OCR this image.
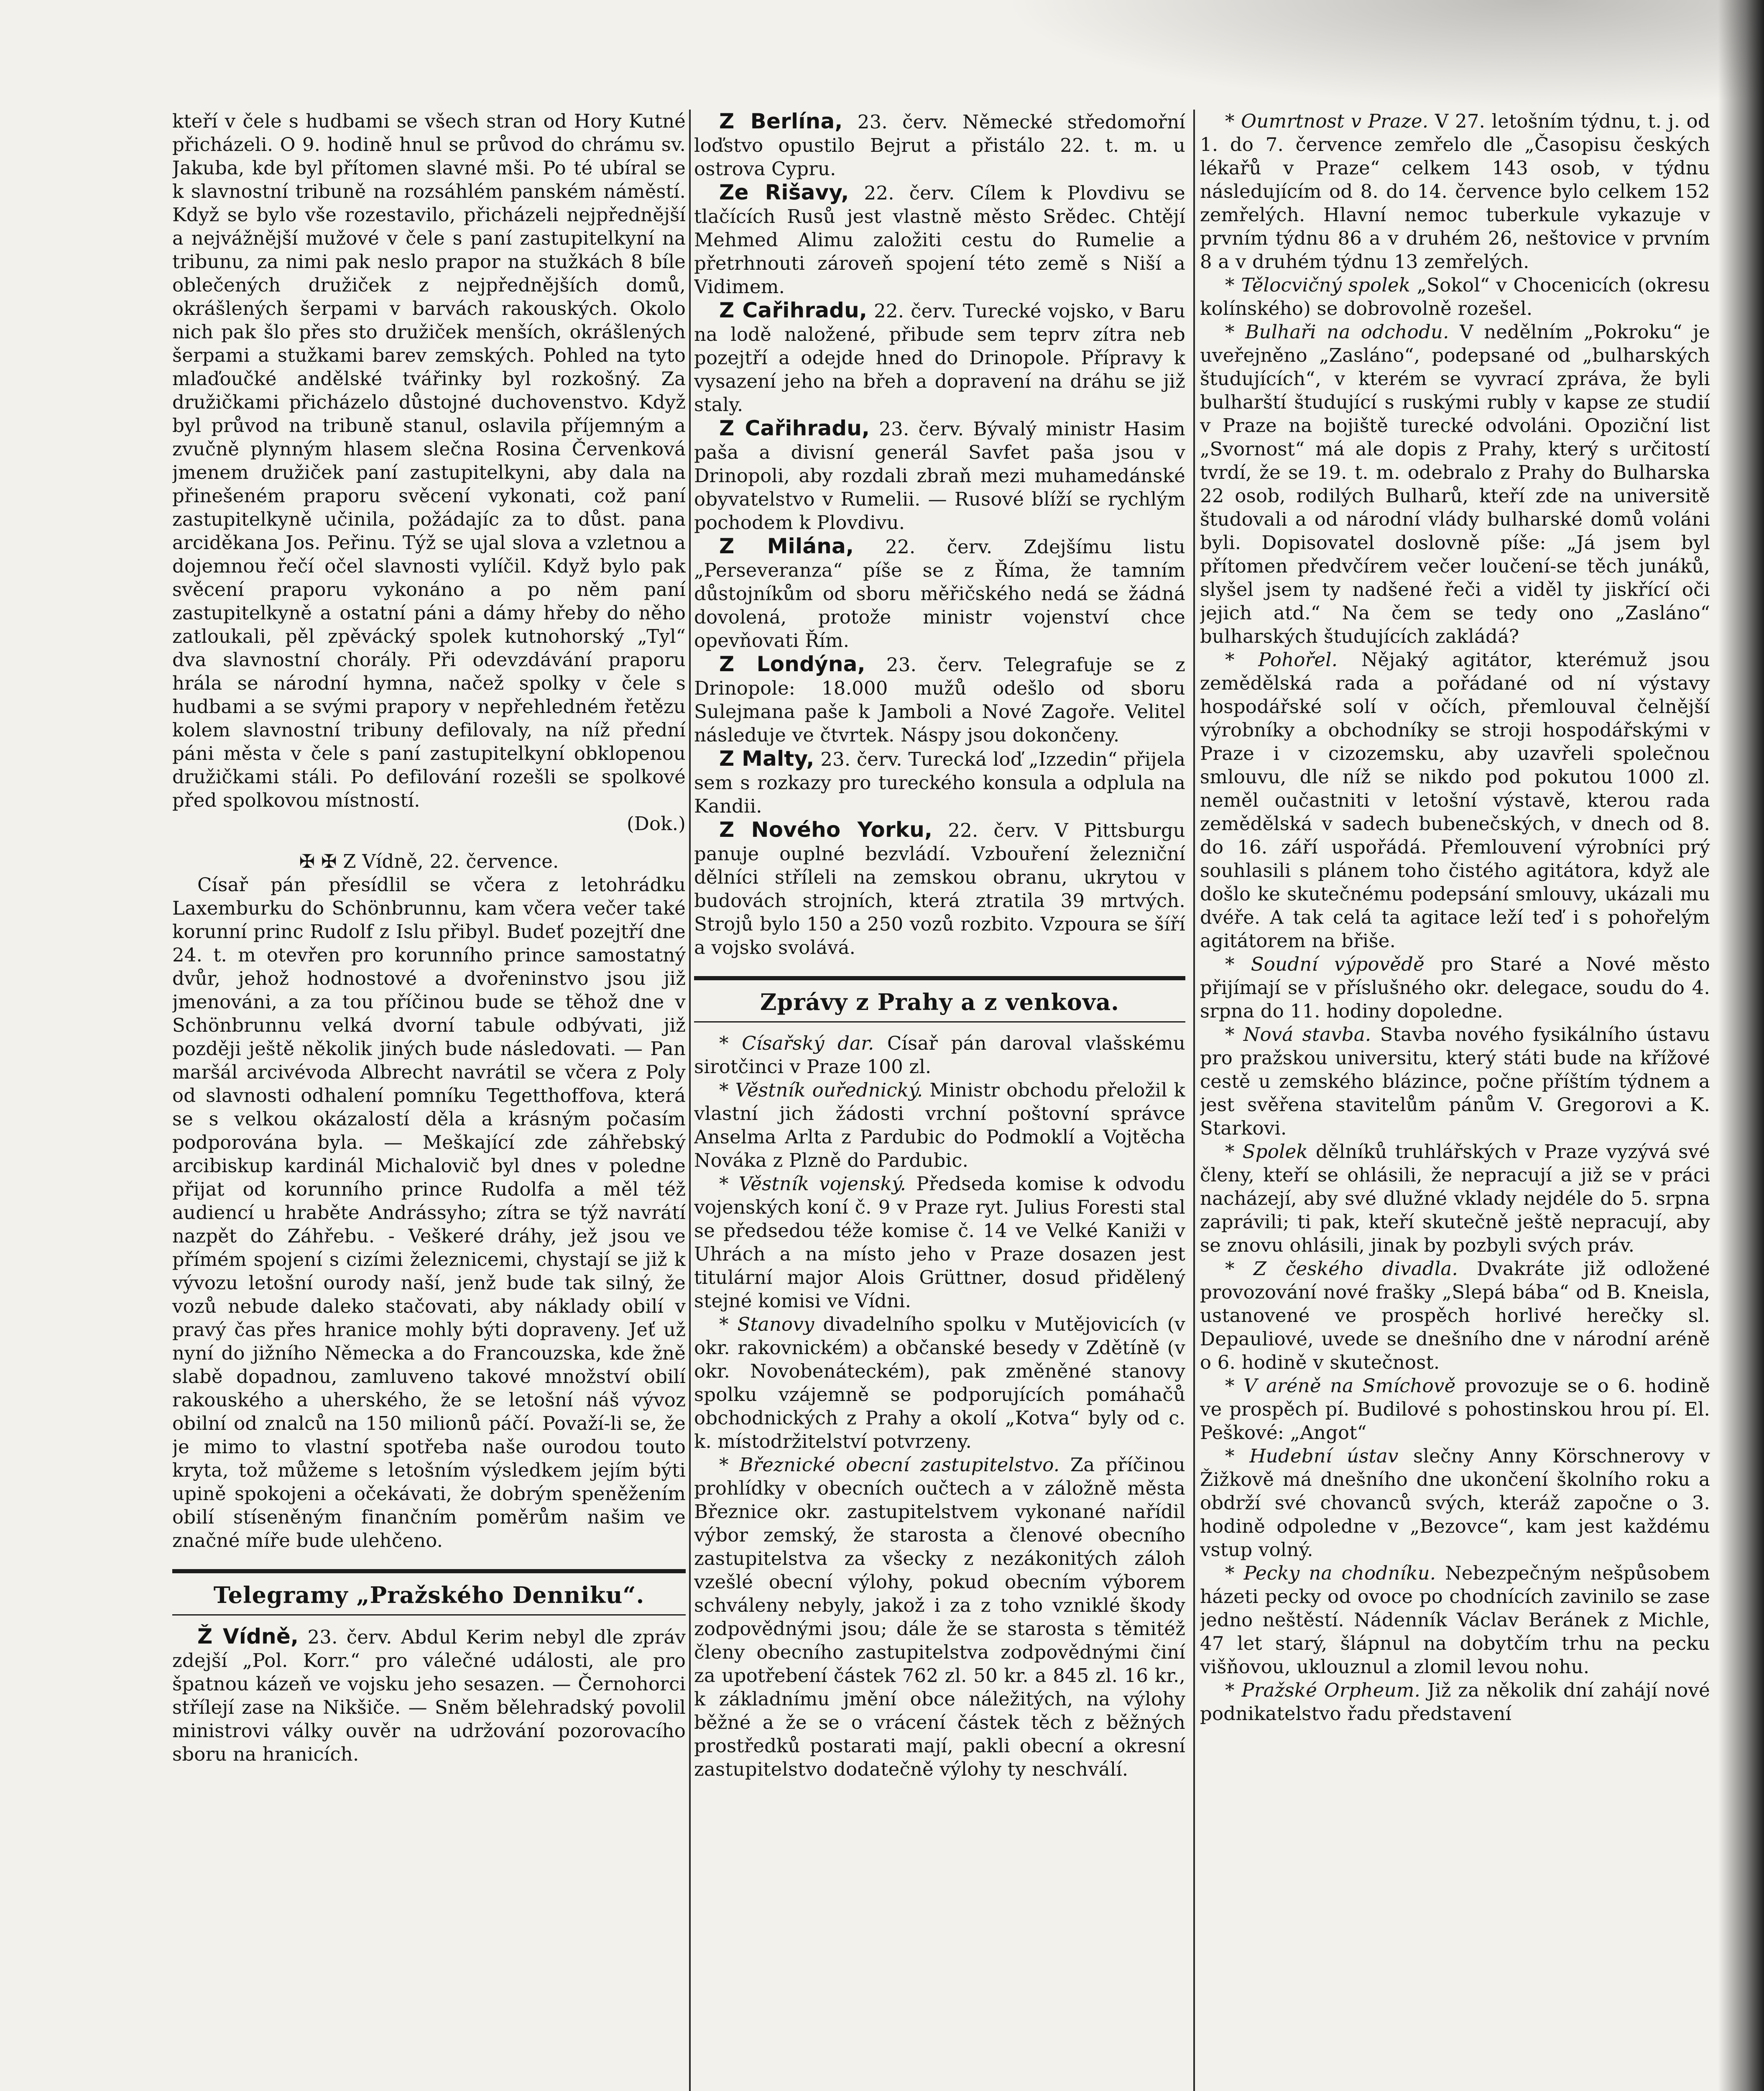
kteří v čele s hudbami se všech stran od Hory Kutné přicházeli. O 9. hodině hnul se průvod do chrámu sv. Jakuba, kde byl přítomen slavné mši. Po té ubíral se k slavnostní tribuně na rozsáhlém panském náměstí. Když se bylo vše rozestavilo, přicházeli nejpřednější a nejvážnější mužové v čele s paní zastupitelkyní na tribunu, za nimi pak neslo prapor na stužkách 8 bíle oblečených družiček z nejpřednějších domů, okrášlených šerpami v barvách rakouských. Okolo nich pak šlo přes sto družiček menších, okrášlených šerpami a stužkami barev zemských. Pohled na tyto mlaďoučké andělské tvářinky byl rozkošný. Za družičkami přicházelo důstojné duchovenstvo. Když byl průvod na tribuně stanul, oslavila příjemným a zvučně plynným hlasem slečna Rosina Červenková jmenem družiček paní zastupitelkyni, aby dala na přinešeném praporu svěcení vykonati, což paní zastupitelkyně učinila, požádajíc za to důst. pana arciděkana Jos. Peřinu. Týž se ujal slova a vzletnou a dojemnou řečí očel slavnosti vylíčil. Když bylo pak svěcení praporu vykonáno a po něm paní zastupitelkyně a ostatní páni a dámy hřeby do něho zatloukali, pěl zpěvácký spolek kutnohorský „Tyl“ dva slavnostní chorály. Při odevzdávání praporu hrála se národní hymna, načež spolky v čele s hudbami a se svými prapory v nepřehledném řetězu kolem slavnostní tribuny defilovaly, na níž přední páni města v čele s paní zastupitelkyní obklopenou družičkami stáli. Po defilování rozešli se spolkové před spolkovou místností.

(Dok.)

✠ ✠ Z Vídně, 22. července.

Císař pán přesídlil se včera z letohrádku Laxemburku do Schönbrunnu, kam včera večer také korunní princ Rudolf z Islu přibyl. Budeť pozejtří dne 24. t. m otevřen pro korunního prince samostatný dvůr, jehož hodnostové a dvořeninstvo jsou již jmenováni, a za tou příčinou bude se těhož dne v Schönbrunnu velká dvorní tabule odbývati, již později ještě několik jiných bude následovati. — Pan maršál arcivévoda Albrecht navrátil se včera z Poly od slavnosti odhalení pomníku Tegetthoffova, která se s velkou okázalostí děla a krásným počasím podporována byla. — Meškající zde záhřebský arcibiskup kardinál Michalovič byl dnes v poledne přijat od korunního prince Rudolfa a měl též audiencí u hraběte Andrássyho; zítra se týž navrátí nazpět do Záhřebu. - Veškeré dráhy, jež jsou ve přímém spojení s cizími železnicemi, chystají se již k vývozu letošní ourody naší, jenž bude tak silný, že vozů nebude daleko stačovati, aby náklady obilí v pravý čas přes hranice mohly býti dopraveny. Jeť už nyní do jižního Německa a do Francouzska, kde žně slabě dopadnou, zamluveno takové množství obilí rakouského a uherského, že se letošní náš vývoz obilní od znalců na 150 milionů páčí. Považí-li se, že je mimo to vlastní spotřeba naše ourodou touto kryta, tož můžeme s letošním výsledkem jejím býti upině spokojeni a očekávati, že dobrým speněžením obilí stíseněným finančním poměrům našim ve značné míře bude ulehčeno.

Telegramy „Pražského Denniku“.

Ž Vídně, 23. červ. Abdul Kerim nebyl dle zpráv zdejší „Pol. Korr.“ pro válečné události, ale pro špatnou kázeň ve vojsku jeho sesazen. — Černohorci střílejí zase na Nikšiče. — Sněm bělehradský povolil ministrovi války ouvěr na udržování pozorovacího sboru na hranicích.

Z Berlína, 23. červ. Německé středomořní loďstvo opustilo Bejrut a přistálo 22. t. m. u ostrova Cypru.

Ze Rišavy, 22. červ. Cílem k Plovdivu se tlačících Rusů jest vlastně město Srědec. Chtějí Mehmed Alimu založiti cestu do Rumelie a přetrhnouti zároveň spojení této země s Niší a Vidimem.

Z Cařihradu, 22. červ. Turecké vojsko, v Baru na lodě naložené, přibude sem teprv zítra neb pozejtří a odejde hned do Drinopole. Přípravy k vysazení jeho na břeh a dopravení na dráhu se již staly.

Z Cařihradu, 23. červ. Bývalý ministr Hasim paša a divisní generál Savfet paša jsou v Drinopoli, aby rozdali zbraň mezi muhamedánské obyvatelstvo v Rumelii. — Rusové blíží se rychlým pochodem k Plovdivu.

Z Milána, 22. červ. Zdejšímu listu „Perseveranza“ píše se z Říma, že tamním důstojníkům od sboru měřičského nedá se žádná dovolená, protože ministr vojenství chce opevňovati Řím.

Z Londýna, 23. červ. Telegrafuje se z Drinopole: 18.000 mužů odešlo od sboru Sulejmana paše k Jamboli a Nové Zagoře. Velitel následuje ve čtvrtek. Náspy jsou dokončeny.

Z Malty, 23. červ. Turecká loď „Izzedin“ přijela sem s rozkazy pro tureckého konsula a odplula na Kandii.

Z Nového Yorku, 22. červ. V Pittsburgu panuje ouplné bezvládí. Vzbouření železniční dělníci stříleli na zemskou obranu, ukrytou v budovách strojních, která ztratila 39 mrtvých. Strojů bylo 150 a 250 vozů rozbito. Vzpoura se šíří a vojsko svolává.

Zprávy z Prahy a z venkova.

* Císařský dar. Císař pán daroval vlašskému sirotčinci v Praze 100 zl.

* Věstník ouřednický. Ministr obchodu přeložil k vlastní jich žádosti vrchní poštovní správce Anselma Arlta z Pardubic do Podmoklí a Vojtěcha Nováka z Plzně do Pardubic.

* Věstník vojenský. Předseda komise k odvodu vojenských koní č. 9 v Praze ryt. Julius Foresti stal se předsedou téže komise č. 14 ve Velké Kaniži v Uhrách a na místo jeho v Praze dosazen jest titulární major Alois Grüttner, dosud přidělený stejné komisi ve Vídni.

* Stanovy divadelního spolku v Mutějovicích (v okr. rakovnickém) a občanské besedy v Zdětíně (v okr. Novobenáteckém), pak změněné stanovy spolku vzájemně se podporujících pomáhačů obchodnických z Prahy a okolí „Kotva“ byly od c. k. místodržitelství potvrzeny.

* Březnické obecní zastupitelstvo. Za příčinou prohlídky v obecních oučtech a v záložně města Březnice okr. zastupitelstvem vykonané nařídil výbor zemský, že starosta a členové obecního zastupitelstva za všecky z nezákonitých záloh vzešlé obecní výlohy, pokud obecním výborem schváleny nebyly, jakož i za z toho vzniklé škody zodpovědnými jsou; dále že se starosta s těmitéž členy obecního zastupitelstva zodpovědnými činí za upotřebení částek 762 zl. 50 kr. a 845 zl. 16 kr., k základnímu jmění obce náležitých, na výlohy běžné a že se o vrácení částek těch z běžných prostředků postarati mají, pakli obecní a okresní zastupitelstvo dodatečně výlohy ty neschválí.

* Oumrtnost v Praze. V 27. letošním týdnu, t. j. od 1. do 7. července zemřelo dle „Časopisu českých lékařů v Praze“ celkem 143 osob, v týdnu následujícím od 8. do 14. července bylo celkem 152 zemřelých. Hlavní nemoc tuberkule vykazuje v prvním týdnu 86 a v druhém 26, neštovice v prvním 8 a v druhém týdnu 13 zemřelých.

* Tělocvičný spolek „Sokol“ v Chocenicích (okresu kolínského) se dobrovolně rozešel.

* Bulhaři na odchodu. V nedělním „Pokroku“ je uveřejněno „Zasláno“, podepsané od „bulharských študujících“, v kterém se vyvrací zpráva, že byli bulharští študující s ruskými rubly v kapse ze studií v Praze na bojiště turecké odvoláni. Opoziční list „Svornost“ má ale dopis z Prahy, který s určitostí tvrdí, že se 19. t. m. odebralo z Prahy do Bulharska 22 osob, rodilých Bulharů, kteří zde na universitě študovali a od národní vlády bulharské domů voláni byli. Dopisovatel doslovně píše: „Já jsem byl přítomen předvčírem večer loučení-se těch junáků, slyšel jsem ty nadšené řeči a viděl ty jiskřící oči jejich atd.“ Na čem se tedy ono „Zasláno“ bulharských študujících zakládá?

* Pohořel. Nějaký agitátor, kterémuž jsou zemědělská rada a pořádané od ní výstavy hospodářské solí v očích, přemlouval čelnější výrobníky a obchodníky se stroji hospodářskými v Praze i v cizozemsku, aby uzavřeli společnou smlouvu, dle níž se nikdo pod pokutou 1000 zl. neměl oučastniti v letošní výstavě, kterou rada zemědělská v sadech bubenečských, v dnech od 8. do 16. září uspořádá. Přemlouvení výrobníci prý souhlasili s plánem toho čistého agitátora, když ale došlo ke skutečnému podepsání smlouvy, ukázali mu dvéře. A tak celá ta agitace leží teď i s pohořelým agitátorem na břiše.

* Soudní výpovědě pro Staré a Nové město přijímají se v příslušného okr. delegace, soudu do 4. srpna do 11. hodiny dopoledne.

* Nová stavba. Stavba nového fysikálního ústavu pro pražskou universitu, který státi bude na křížové cestě u zemského blázince, počne příštím týdnem a jest svěřena stavitelům pánům V. Gregorovi a K. Starkovi.

* Spolek dělníků truhlářských v Praze vyzývá své členy, kteří se ohlásili, že nepracují a již se v práci nacházejí, aby své dlužné vklady nejdéle do 5. srpna zaprávili; ti pak, kteří skutečně ještě nepracují, aby se znovu ohlásili, jinak by pozbyli svých práv.

* Z českého divadla. Dvakráte již odložené provozování nové frašky „Slepá bába“ od B. Kneisla, ustanovené ve prospěch horlivé herečky sl. Depauliové, uvede se dnešního dne v národní aréně o 6. hodině v skutečnost.

* V aréně na Smíchově provozuje se o 6. hodině ve prospěch pí. Budilové s pohostinskou hrou pí. El. Peškové: „Angot“

* Hudební ústav slečny Anny Körschnerovy v Žižkově má dnešního dne ukončení školního roku a obdrží své chovanců svých, kteráž započne o 3. hodině odpoledne v „Bezovce“, kam jest každému vstup volný.

* Pecky na chodníku. Nebezpečným nešpůsobem házeti pecky od ovoce po chodnících zavinilo se zase jedno neštěstí. Nádenník Václav Beránek z Michle, 47 let starý, šlápnul na dobytčím trhu na pecku višňovou, uklouznul a zlomil levou nohu.

* Pražské Orpheum. Již za několik dní zahájí nové podnikatelstvo řadu představení
